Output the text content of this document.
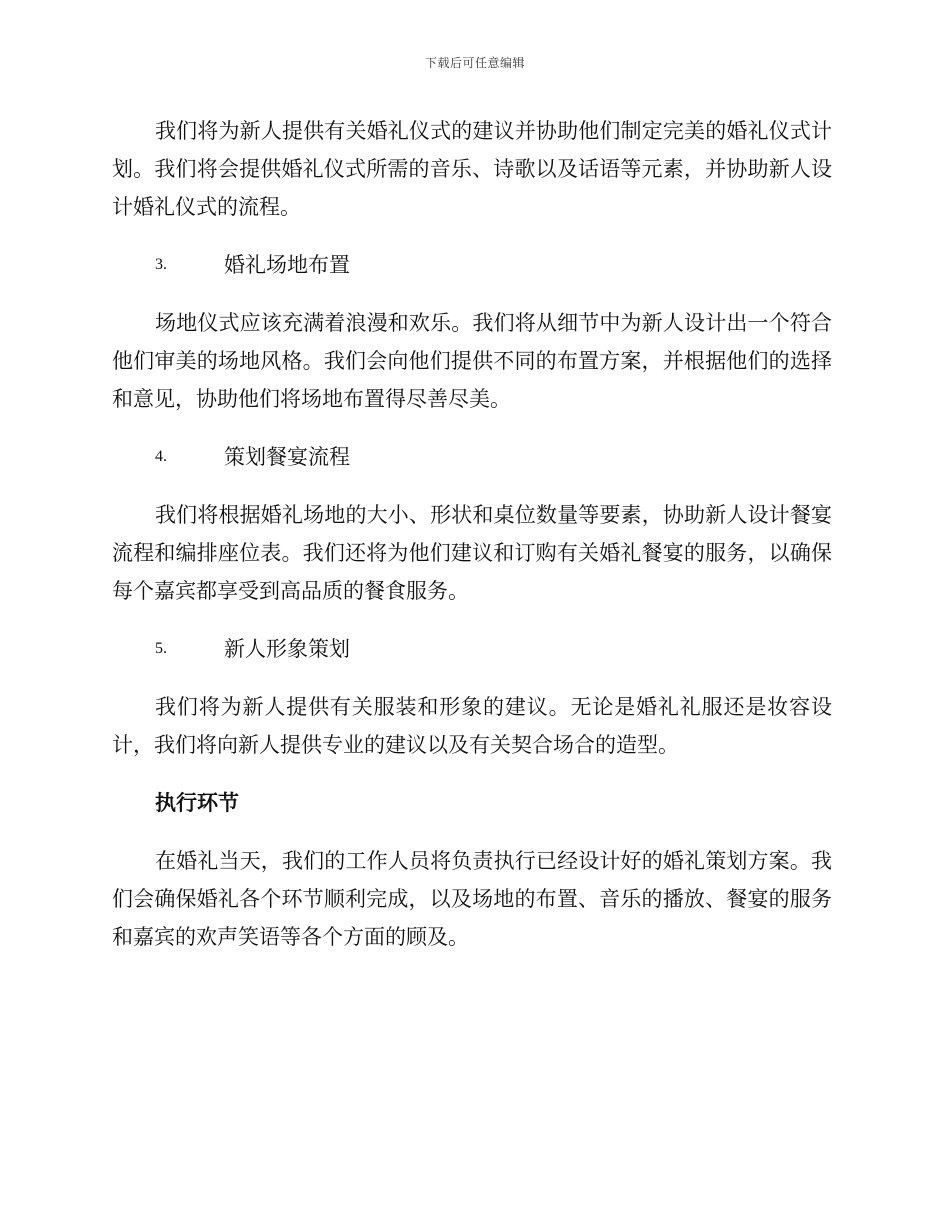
下载后可任意编辑

我们将为新人提供有关婚礼仪式的建议并协助他们制定完美的婚礼仪式计划。我们将会提供婚礼仪式所需的音乐、诗歌以及话语等元素，并协助新人设计婚礼仪式的流程。

3.	婚礼场地布置

场地仪式应该充满着浪漫和欢乐。我们将从细节中为新人设计出一个符合他们审美的场地风格。我们会向他们提供不同的布置方案，并根据他们的选择和意见，协助他们将场地布置得尽善尽美。

4.	策划餐宴流程

我们将根据婚礼场地的大小、形状和桌位数量等要素，协助新人设计餐宴流程和编排座位表。我们还将为他们建议和订购有关婚礼餐宴的服务，以确保每个嘉宾都享受到高品质的餐食服务。

5.	新人形象策划

我们将为新人提供有关服装和形象的建议。无论是婚礼礼服还是妆容设计，我们将向新人提供专业的建议以及有关契合场合的造型。

执行环节

在婚礼当天，我们的工作人员将负责执行已经设计好的婚礼策划方案。我们会确保婚礼各个环节顺利完成，以及场地的布置、音乐的播放、餐宴的服务和嘉宾的欢声笑语等各个方面的顾及。
